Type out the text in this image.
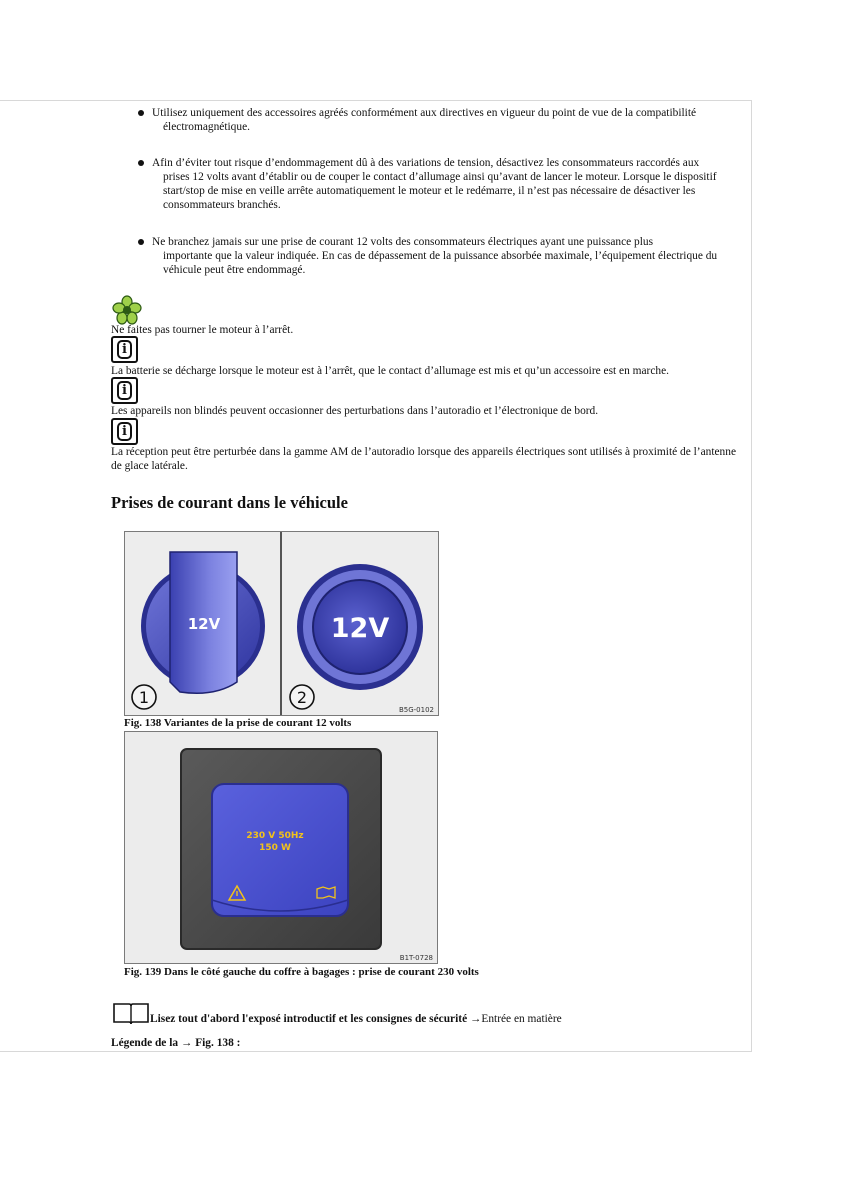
Utilisez uniquement des accessoires agréés conformément aux directives en vigueur du point de vue de la compatibilité
électromagnétique.
Afin d’éviter tout risque d’endommagement dû à des variations de tension, désactivez les consommateurs raccordés aux
prises 12 volts avant d’établir ou de couper le contact d’allumage ainsi qu’avant de lancer le moteur. Lorsque le dispositif start/stop de mise en veille arrête automatiquement le moteur et le redémarre, il n’est pas nécessaire de désactiver les consommateurs branchés.
Ne branchez jamais sur une prise de courant 12 volts des consommateurs électriques ayant une puissance plus
importante que la valeur indiquée. En cas de dépassement de la puissance absorbée maximale, l’équipement électrique du véhicule peut être endommagé.
Ne faites pas tourner le moteur à l’arrêt.
i
La batterie se décharge lorsque le moteur est à l’arrêt, que le contact d’allumage est mis et qu’un accessoire est en marche.
i
Les appareils non blindés peuvent occasionner des perturbations dans l’autoradio et l’électronique de bord.
i
La réception peut être perturbée dans la gamme AM de l’autoradio lorsque des appareils électriques sont utilisés à proximité de l’antenne de glace latérale.
Prises de courant dans le véhicule
12V
1
12V
2
B5G-0102
Fig. 138 Variantes de la prise de courant 12 volts
230 V 50Hz
150 W
B1T-0728
Fig. 139 Dans le côté gauche du coffre à bagages : prise de courant 230 volts
Lisez tout d'abord l'exposé introductif et les consignes de sécurité →Entrée en matière
Légende de la → Fig. 138 :
